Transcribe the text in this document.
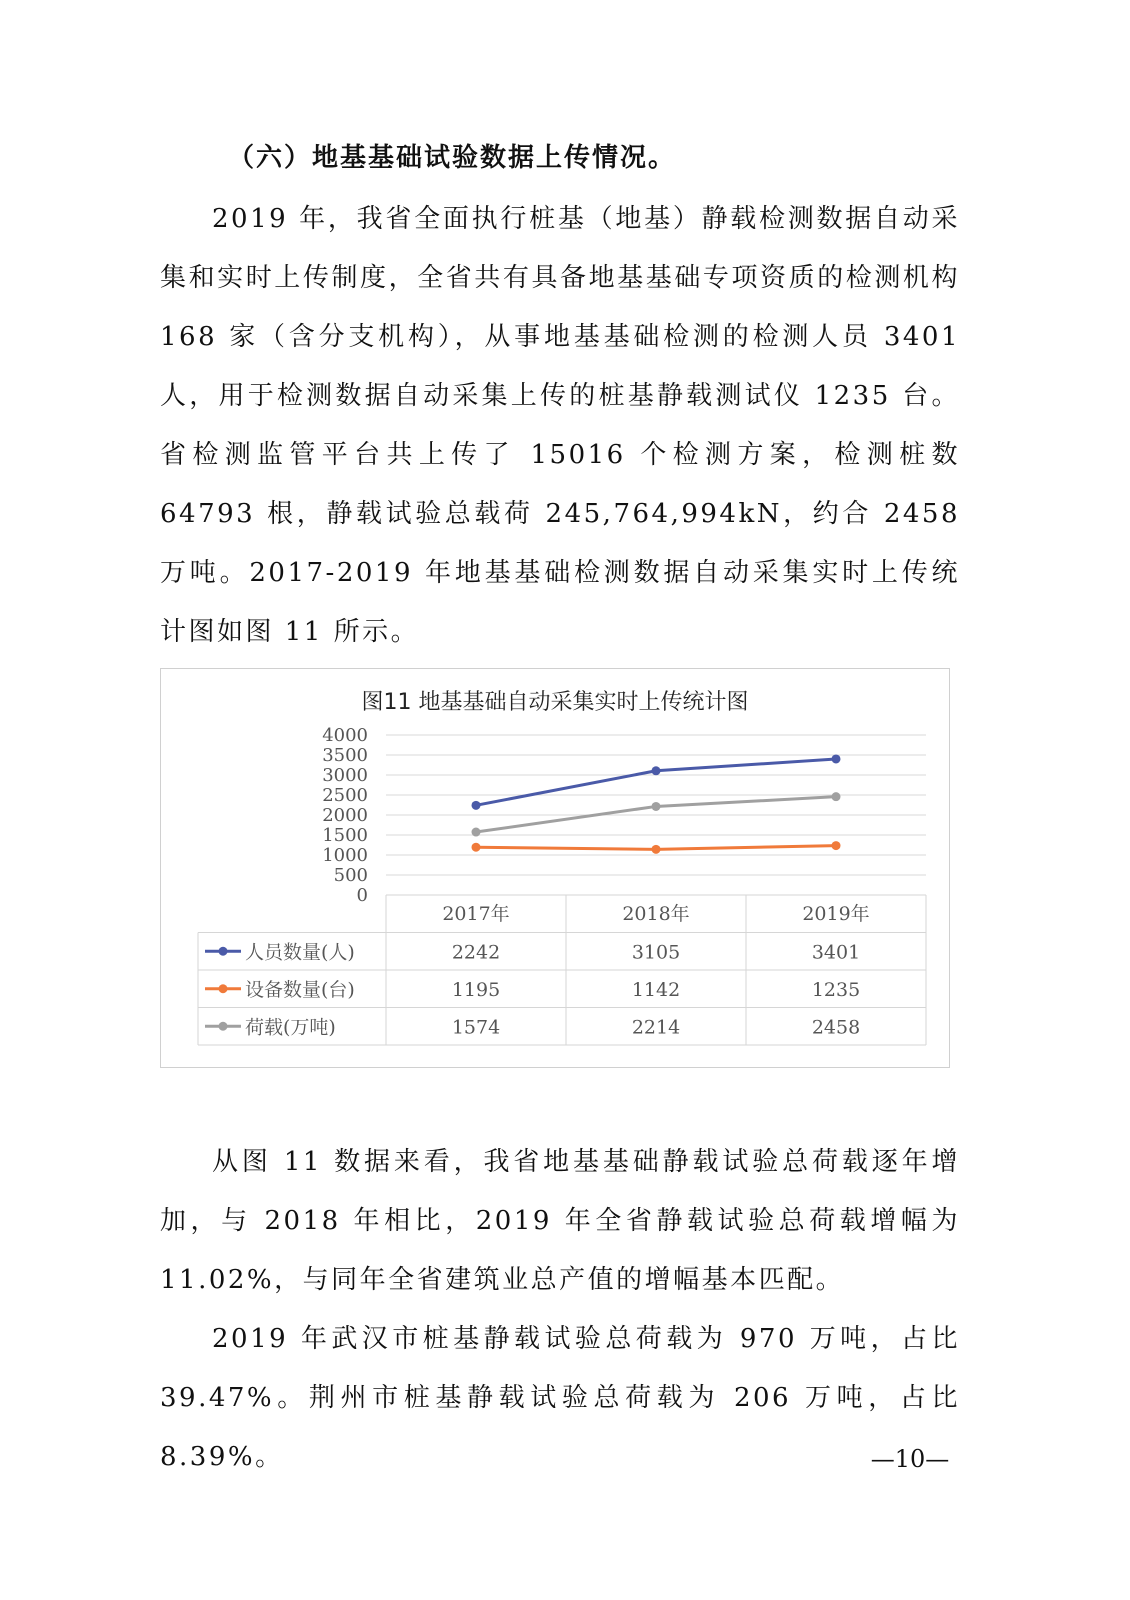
（六）地基基础试验数据上传情况。

2019 年，我省全面执行桩基（地基）静载检测数据自动采集和实时上传制度，全省共有具备地基基础专项资质的检测机构 168 家（含分支机构），从事地基基础检测的检测人员 3401 人，用于检测数据自动采集上传的桩基静载测试仪 1235 台。省检测监管平台共上传了 15016 个检测方案，检测桩数 64793 根，静载试验总载荷 245,764,994kN，约合 2458 万吨。2017-2019 年地基基础检测数据自动采集实时上传统计图如图 11 所示。

图11 地基基础自动采集实时上传统计图
0
500
1000
1500
2000
2500
3000
3500
4000
2017年	2018年	2019年
人员数量(人)	2242	3105	3401
设备数量(台)	1195	1142	1235
荷载(万吨)	1574	2214	2458

从图 11 数据来看，我省地基基础静载试验总荷载逐年增加，与 2018 年相比，2019 年全省静载试验总荷载增幅为 11.02%，与同年全省建筑业总产值的增幅基本匹配。

2019 年武汉市桩基静载试验总荷载为 970 万吨，占比 39.47%。荆州市桩基静载试验总荷载为 206 万吨，占比 8.39%。	—10—
